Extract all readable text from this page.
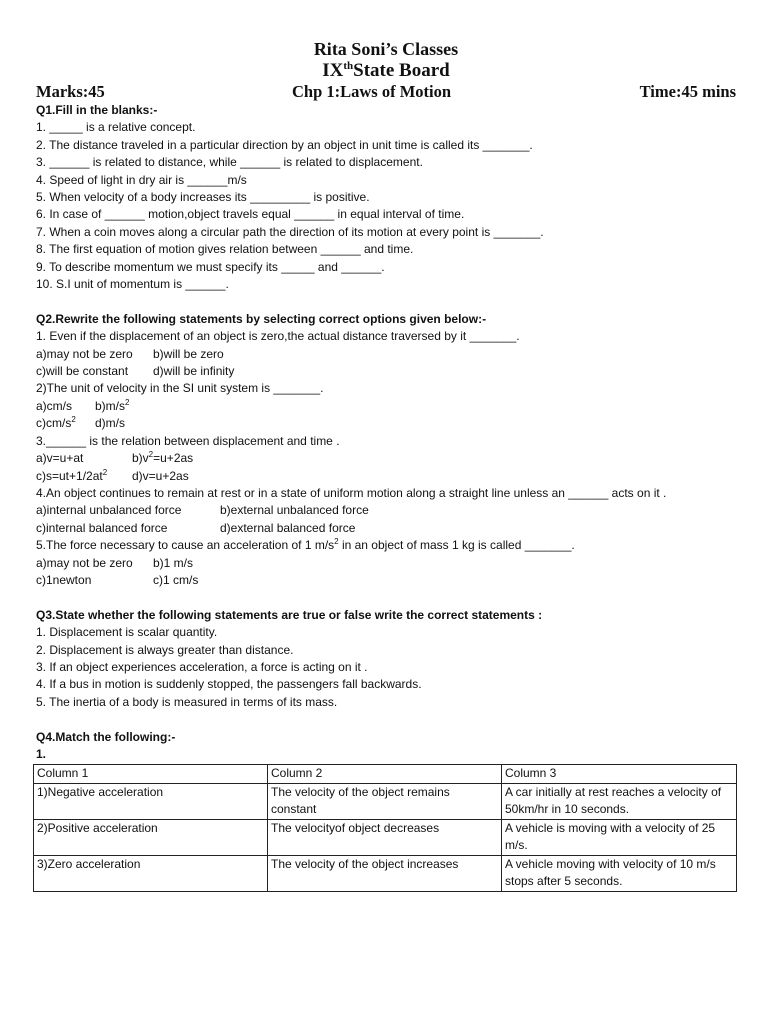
Rita Soni’s Classes
IXthState Board
Marks:45	Chp 1:Laws of Motion	Time:45 mins
Q1.Fill in the blanks:-
1. _____ is a relative concept.
2. The distance traveled in a particular direction by an object in unit time is called its _______.
3. ______ is related to distance, while ______ is related to displacement.
4. Speed of light in dry air is ______m/s
5. When velocity of a body increases its _________ is positive.
6. In case of ______ motion,object travels equal ______ in equal interval of time.
7. When a coin moves along a circular path the direction of its motion at every point is _______.
8. The first equation of motion gives relation between ______ and time.
9. To describe momentum we must specify its _____ and ______.
10. S.I unit of momentum is ______.
Q2.Rewrite the following statements by selecting correct options given below:-
1. Even if the displacement of an object is zero,the actual distance traversed by it _______.
a)may not be zero b)will be zero
c)will be constant d)will be infinity
2)The unit of velocity in the SI unit system is _______.
a)cm/s $b)m/s^2$
$c)cm/s^2$ d)m/s
3.______ is the relation between displacement and time .
a)v=u+at	$b)v^2=u+2as$
$c)s=ut+1/2at^2$ d)v=u+2as
4.An object continues to remain at rest or in a state of uniform motion along a straight line unless an ______ acts on it .
a)internal unbalanced force	b)external unbalanced force
c)internal balanced force	d)external balanced force
5.The force necessary to cause an acceleration of 1 $m/s^2$ in an object of mass 1 kg is called _______.
a)may not be zero b)1 m/s
c)1newton	c)1 cm/s
Q3.State whether the following statements are true or false write the correct statements :
1. Displacement is scalar quantity.
2. Displacement is always greater than distance.
3. If an object experiences acceleration, a force is acting on it .
4. If a bus in motion is suddenly stopped, the passengers fall backwards.
5. The inertia of a body is measured in terms of its mass.
Q4.Match the following:-
1.
Column 1	Column 2	Column 3
1)Negative acceleration	The velocity of the object remains constant	A car initially at rest reaches a velocity of 50km/hr in 10 seconds.
2)Positive acceleration	The velocityof object decreases	A vehicle is moving with a velocity of 25 m/s.
3)Zero acceleration	The velocity of the object increases	A vehicle moving with velocity of 10 m/s stops after 5 seconds.
